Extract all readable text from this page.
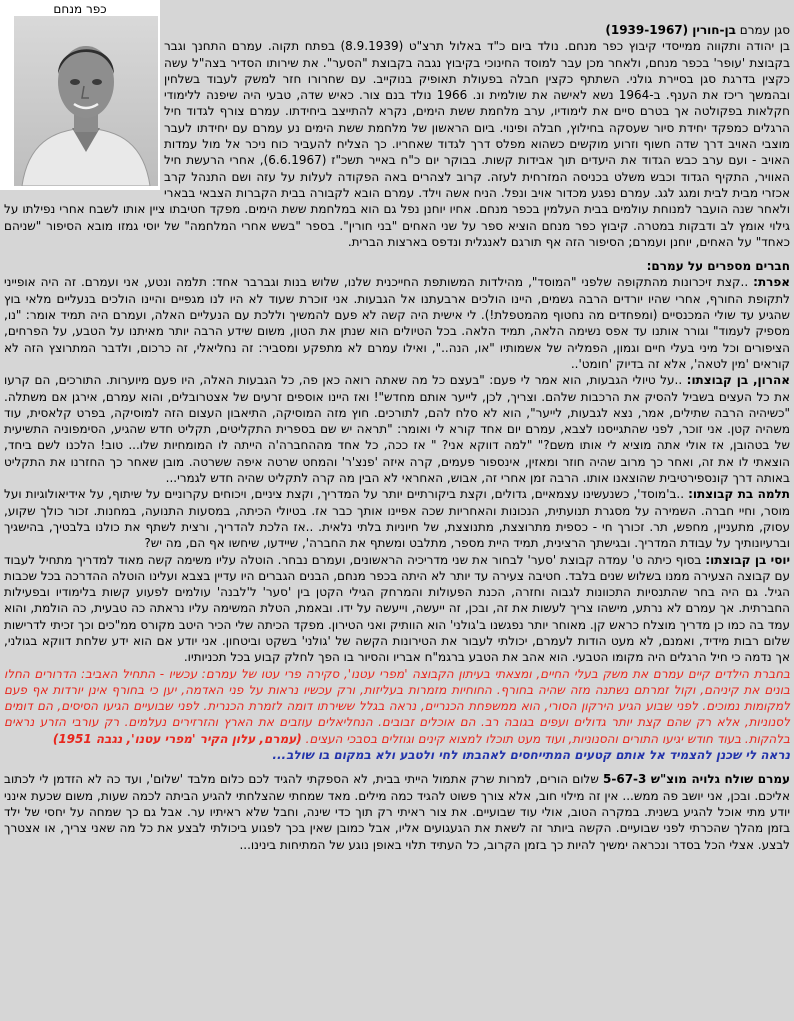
כפר מנחם

סגן עמרם בן-חורין (1939-1967)

בן יהודה ותקווה ממייסדי קיבוץ כפר מנחם. נולד ביום כ"ד באלול תרצ"ט (8.9.1939) בפתח תקוה. עמרם התחנך וגבר בקבוצת 'עופר' בכפר מנחם, ולאחר מכן עבר למוסד החינוכי בקיבוץ נגבה בקבוצת "הסער". את שירותו הסדיר בצה"ל עשה כקצין בדרגת סגן בסיירת גולני. השתתף כקצין חבלה בפעולת תאופיק בנוקייב. עם שחרורו חזר למשק לעבוד בשלחין ובהמשך ריכז את הענף. ב-1964 נשא לאישה את שולמית ונ. 1966 נולד בנם צור. כאיש שדה, טבעי היה שיפנה ללימודי חקלאות בפקולטה אך בטרם סיים את לימודיו, ערב מלחמת ששת הימים, נקרא להתייצב ביחידתו. עמרם צורף לגדוד חיל הרגלים כמפקד יחידת סיור שעסקה בחילוץ, חבלה ופינוי. ביום הראשון של מלחמת ששת הימים נע עמרם עם יחידתו לעבר מוצבי האויב דרך שדה חשוף וזרוע מוקשים כשהוא מפלס דרך לגדוד שאחריו. כך הצליח להעביר כוח ניכר אל מול עמדות האויב - ועם ערב כבש הגדוד את היעדים תוך אבידות קשות. בבוקר יום כ"ח באייר תשכ"ז (6.6.1967), אחרי הרעשת חיל האוויר, התקיף הגדוד וכבש משלט בכניסה המזרחית לעזה. קרוב לצהרים באה הפקודה לעלות על עזה ושם התנהל קרב אכזרי מבית לבית ומגג לגג. עמרם נפגע מכדור אויב ונפל. הניח אשה וילד. עמרם הובא לקבורה בבית הקברות הצבאי בבארי ולאחר שנה הועבר למנוחת עולמים בבית העלמין בכפר מנחם. אחיו יוחנן נפל גם הוא במלחמת ששת הימים. מפקד חטיבתו ציין אותו לשבח אחרי נפילתו על גילוי אומץ לב ודבקות במטרה. קיבוץ כפר מנחם הוציא ספר על שני האחים "בני חורין". בספר "בשש אחרי המלחמה" של יוסי גמזו מובא הסיפור "שניהם כאחד" על האחים, יוחנן ועמרם; הסיפור הזה אף תורגם לאנגלית ונדפס בארצות הברית.

חברים מספרים על עמרם:

אפרת: ..קצת זיכרונות מהתקופה שלפני "המוסד", מהילדות המשותפת החייכנית שלנו, שלוש בנות וגברבר אחד: תלמה ונטע, אני ועמרם. זה היה אופייני לתקופת החורף, אחרי שהיו יורדים הרבה גשמים, היינו הולכים ארבעתנו אל הגבעות. אני זוכרת שעוד לא היו לנו מגפיים והיינו הולכים בנעליים מלאי בוץ שהגיע עד שולי המכנסיים (ומפחדים מה נחטוף מהמטפלת!). לי אישית היה קשה לא פעם להמשיך וללכת עם הנעליים האלה, ועמרם היה תמיד אומר: "נו, מספיק לעמוד" וגורר אותנו עד אפס נשימה הלאה, תמיד הלאה. בכל הטיולים הוא שנתן את הטון, משום שידע הרבה יותר מאיתנו על הטבע, על הפרחים, הציפורים וכל מיני בעלי חיים וגמון, הפמליה של אשמותיו "או, הנה..", ואילו עמרם לא מתפקע ומסביר: זה נחליאלי, זה כרכום, ולדבר המתרוצץ הזה לא קוראים 'מין לטאה', אלא זה בדיוק 'חומט'..

אהרון, בן קבוצתו: ..על טיולי הגבעות, הוא אמר לי פעם: "בעצם כל מה שאתה רואה כאן פה, כל הגבעות האלה, היו פעם מיוערות. התורכים, הם קרעו את כל העצים בשביל להסיק את הרכבות שלהם. וצריך, לכן, לייער אותם מחדש"! ואז היינו אוספים זרעים של אצטרובלים, והוא עמרם, אירגן אם משתלה. "כשיהיה הרבה שתילים, אמר, נצא לגבעות, לייער", הוא לא סלח להם, לתורכים. חוץ מזה המוסיקה, התיאבון העצום הזה למוסיקה, בפרט קלאסית, עוד משהיה קטן. אני זוכר, לפני שהתגייסנו לצבא, עמרם יום אחד קורא לי ואומר: "תראה יש שם בספרית התקליטים, תקליט חדש שהגיע, הסימפוניה התשיעית של בטהובן, אז אולי אתה מוציא לי אותו משם?" "למה דווקא אני? " אז ככה, כל אחד מההחברה'ה הייתה לו המומחיות שלו... טוב! הלכנו לשם ביחד, הוצאתי לו את זה, ואחר כך מרוב שהיה חוזר ומאזין, אינספור פעמים, קרה איזה 'פנצ'ר' והמחט שרטה איפה ששרטה. מובן שאחר כך החזרנו את התקליט באותה דרך קונספירטיבית שהוצאנו אותו. הרבה זמן אחרי זה, אבוש, האחראי לא הבין מה קרה לתקליט שהיה חדש לגמרי...

תלמה בת קבוצתו: ..ב'מוסד', כשנעשינו עצמאיים, גדולים, וקצת ביקורתיים יותר על המדריך, וקצת ציניים, ויכוחים עקרוניים על שיתוף, על אידיאולוגיות ועל מוסר, וחיי חברה. השמירה על מסגרת תנועתית, הנכונות והאחריות שכה אפיינו אותך כבר אז. בטיולי הכיתה, במסעות התנועה, במחנות. זכור כולך שקוע, עסוק, מתעניין, מחפש, תר. זכורך חי - כספית מתרוצצת, מתנוצצת, של חיוניות בלתי נלאית. ..אז הלכת להדריך, ורצית לשתף את כולנו בלבטיך, בהישגיך וברעיונותיך על עבודת המדריך. ובגישתך הרצינית, תמיד היית מספר, מתלבט ומשתף את החברה', שיידעו, שיחשו אף הם, מה יש?

יוסי בן קבוצתו: בסוף כיתה ט' עמדה קבוצת 'סער' לבחור את שני מדריכיה הראשונים, ועמרם נבחר. הוטלה עליו משימה קשה מאוד למדריך מתחיל לעבוד עם קבוצה הצעירה ממנו בשלוש שנים בלבד. חטיבה צעירה עד יותר לא היתה בכפר מנחם, הבנים הגברים היו עדיין בצבא ועלינו הוטלה ההדרכה בכל שכבות הגיל. גם היה בחר שהתנסיות התכוונות לגבוה וחזרה, הכנת הפעולות והמרחק הגילי הקטן בין 'סער' ל'לבנה' עולמים לפעוע קשות בלימודיו ובפעילות החברתית. אך עמרם לא נרתע, מישהו צריך לעשות את זה, ובכן, זה ייעשה, וייעשה על ידו. ובאמת, הטלת המשימה עליו נראתה כה טבעית, כה הולמת, והוא עמד בה כמו כן מדריך מוצלח כראש קן. מאוחר יותר נפגשנו ב'גולני' הוא הוותיק ואני הטירון. מפקד הכיתה שלי הכיר היטב מקורס ממ"כים וכך זכיתי לדרישות שלום רבות מידיד, ואמנם, לא מעט הודות לעמרם, יכולתי לעבור את הטירונות הקשה של 'גולני' בשקט וביטחון. אני יודע אם הוא ידע שלחת דווקא בגולני, אך נדמה כי חיל הרגלים היה מקומו הטבעי. הוא אהב את הטבע ברגמ"ח אבריו והסיור בו הפך לחלק קבוע בכל תכניותיו.

בחברת הילדים קיים עמרם את משק בעלי החיים, ומצאתי בעיתון הקבוצה 'מפרי עטנו', סקירה פרי עטו של עמרם: עכשיו - התחיל האביב: הדרורים החלו בונים את קיניהם, וקול זמרתם נשתנה מזה שהיה בחורף. החוחיות מזמרות בעליזות, ורק עכשיו נראות על פני האדמה, יען כי בחורף אינן יורדות אף פעם למקומות נמוכים. לפני שבוע הגיע הירקון הסורי, הוא ממשפחת הכנריים, נראה בגלל ששירתו דומה לזמרת הכנרית. לפני שבועיים הגיעו הסיסים, הם דומים לסנוניות, אלא רק שהם קצת יותר גדולים ועפים בגובה רב. הם אוכלים זבובים. הנחליאלים עוזבים את הארץ והזרזירים נעלמים. רק עורבי הזרע נראים בלהקות. בעוד חודש יגיעו התורים והסנוניות, ועוד מעט תוכלו למצוא קינים וגוזלים בסבכי העצים. (עמרם, עלון הקיר 'מפרי עטנו', נגבה 1951)

נראה לי שכנן להצמיד אל אותם קטעים המתייחסים לאהבתו לחי ולטבע ולא במקום בו שולב...

עמרם שולח גלויה מוצ"ש 5-67-3 שלום הורים, למרות שרק אתמול הייתי בבית, לא הספקתי להגיד לכם כלום מלבד 'שלום', ועד כה לא הזדמן לי לכתוב אליכם. ובכן, אני יושב פה ממש... אין זה מילוי חוב, אלא צורך פשוט להגיד כמה מילים. מאד שמחתי שהצלחתי להגיע הביתה לכמה שעות, משום שכעת אינני יודע מתי אוכל להגיע בשנית. במקרה הטוב, אולי עוד שבועיים. את צור ראיתי רק תוך כדי שינה, וחבל שלא ראיתיו ער. אבל גם כך שמחה על יחסי של ילד בזמן מהלך שהכרתי לפני שבועיים. הקשה ביותר זה לשאת את הגעגועים אליו, אבל כמובן שאין בכך לפגוע ביכולתי לבצע את כל מה שאני צריך, או אצטרך לבצע. אצלי הכל בסדר ונכראה ימשיך להיות כך בזמן הקרוב, כל העתיד תלוי באופן נוגע של המתיחות בינינו...
